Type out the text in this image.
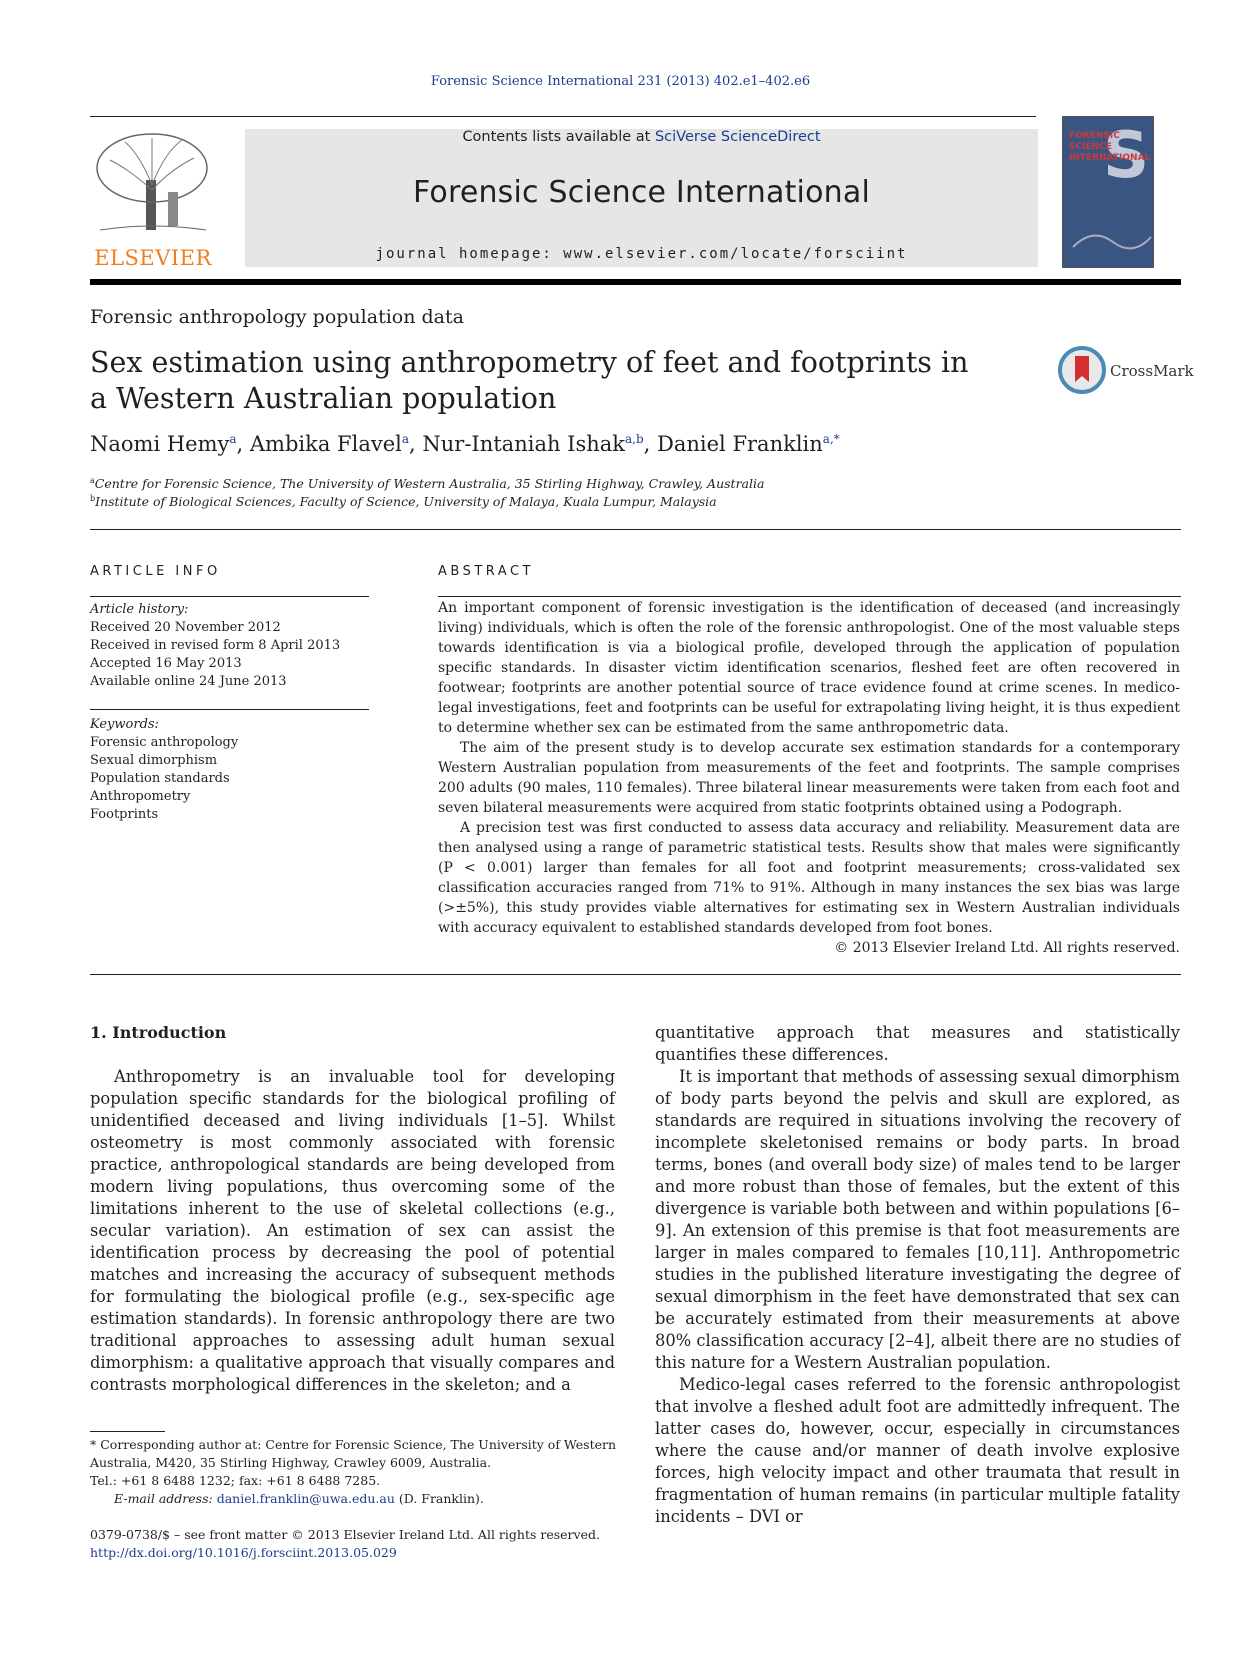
Forensic Science International 231 (2013) 402.e1–402.e6
ELSEVIER
Contents lists available at SciVerse ScienceDirect
Forensic Science International
journal homepage: www.elsevier.com/locate/forsciint
S
FORENSIC SCIENCE INTERNATIONAL
Forensic anthropology population data
Sex estimation using anthropometry of feet and footprints in a Western Australian population
CrossMark
Naomi Hemy$^a$, Ambika Flavel$^a$, Nur-Intaniah Ishak$^{a,b}$, Daniel Franklin$^{a,*}$
$^a$Centre for Forensic Science, The University of Western Australia, 35 Stirling Highway, Crawley, Australia
$^b$Institute of Biological Sciences, Faculty of Science, University of Malaya, Kuala Lumpur, Malaysia
ARTICLE INFO
Article history:
Received 20 November 2012
Received in revised form 8 April 2013
Accepted 16 May 2013
Available online 24 June 2013
Keywords:
Forensic anthropology
Sexual dimorphism
Population standards
Anthropometry
Footprints
ABSTRACT

An important component of forensic investigation is the identification of deceased (and increasingly living) individuals, which is often the role of the forensic anthropologist. One of the most valuable steps towards identification is via a biological profile, developed through the application of population specific standards. In disaster victim identification scenarios, fleshed feet are often recovered in footwear; footprints are another potential source of trace evidence found at crime scenes. In medico-legal investigations, feet and footprints can be useful for extrapolating living height, it is thus expedient to determine whether sex can be estimated from the same anthropometric data.

The aim of the present study is to develop accurate sex estimation standards for a contemporary Western Australian population from measurements of the feet and footprints. The sample comprises 200 adults (90 males, 110 females). Three bilateral linear measurements were taken from each foot and seven bilateral measurements were acquired from static footprints obtained using a Podograph.

A precision test was first conducted to assess data accuracy and reliability. Measurement data are then analysed using a range of parametric statistical tests. Results show that males were significantly (P < 0.001) larger than females for all foot and footprint measurements; cross-validated sex classification accuracies ranged from 71% to 91%. Although in many instances the sex bias was large (>±5%), this study provides viable alternatives for estimating sex in Western Australian individuals with accuracy equivalent to established standards developed from foot bones.

© 2013 Elsevier Ireland Ltd. All rights reserved.
1. Introduction

Anthropometry is an invaluable tool for developing population specific standards for the biological profiling of unidentified deceased and living individuals [1–5]. Whilst osteometry is most commonly associated with forensic practice, anthropological standards are being developed from modern living populations, thus overcoming some of the limitations inherent to the use of skeletal collections (e.g., secular variation). An estimation of sex can assist the identification process by decreasing the pool of potential matches and increasing the accuracy of subsequent methods for formulating the biological profile (e.g., sex-specific age estimation standards). In forensic anthropology there are two traditional approaches to assessing adult human sexual dimorphism: a qualitative approach that visually compares and contrasts morphological differences in the skeleton; and a

quantitative approach that measures and statistically quantifies these differences.

It is important that methods of assessing sexual dimorphism of body parts beyond the pelvis and skull are explored, as standards are required in situations involving the recovery of incomplete skeletonised remains or body parts. In broad terms, bones (and overall body size) of males tend to be larger and more robust than those of females, but the extent of this divergence is variable both between and within populations [6–9]. An extension of this premise is that foot measurements are larger in males compared to females [10,11]. Anthropometric studies in the published literature investigating the degree of sexual dimorphism in the feet have demonstrated that sex can be accurately estimated from their measurements at above 80% classification accuracy [2–4], albeit there are no studies of this nature for a Western Australian population.

Medico-legal cases referred to the forensic anthropologist that involve a fleshed adult foot are admittedly infrequent. The latter cases do, however, occur, especially in circumstances where the cause and/or manner of death involve explosive forces, high velocity impact and other traumata that result in fragmentation of human remains (in particular multiple fatality incidents – DVI or

* Corresponding author at: Centre for Forensic Science, The University of Western Australia, M420, 35 Stirling Highway, Crawley 6009, Australia.
Tel.: +61 8 6488 1232; fax: +61 8 6488 7285.
E-mail address: daniel.franklin@uwa.edu.au (D. Franklin).
0379-0738/$ – see front matter © 2013 Elsevier Ireland Ltd. All rights reserved.
http://dx.doi.org/10.1016/j.forsciint.2013.05.029
